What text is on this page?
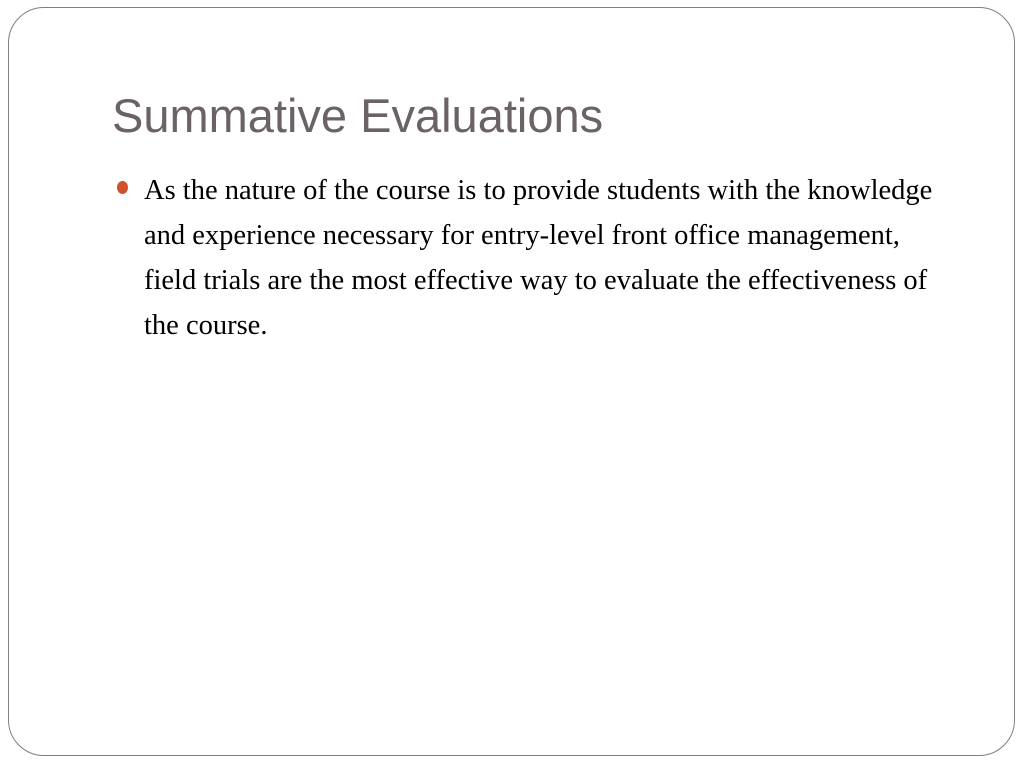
Summative Evaluations
As the nature of the course is to provide students with the knowledge and experience necessary for entry-level front office management, field trials are the most effective way to evaluate the effectiveness of the course.
